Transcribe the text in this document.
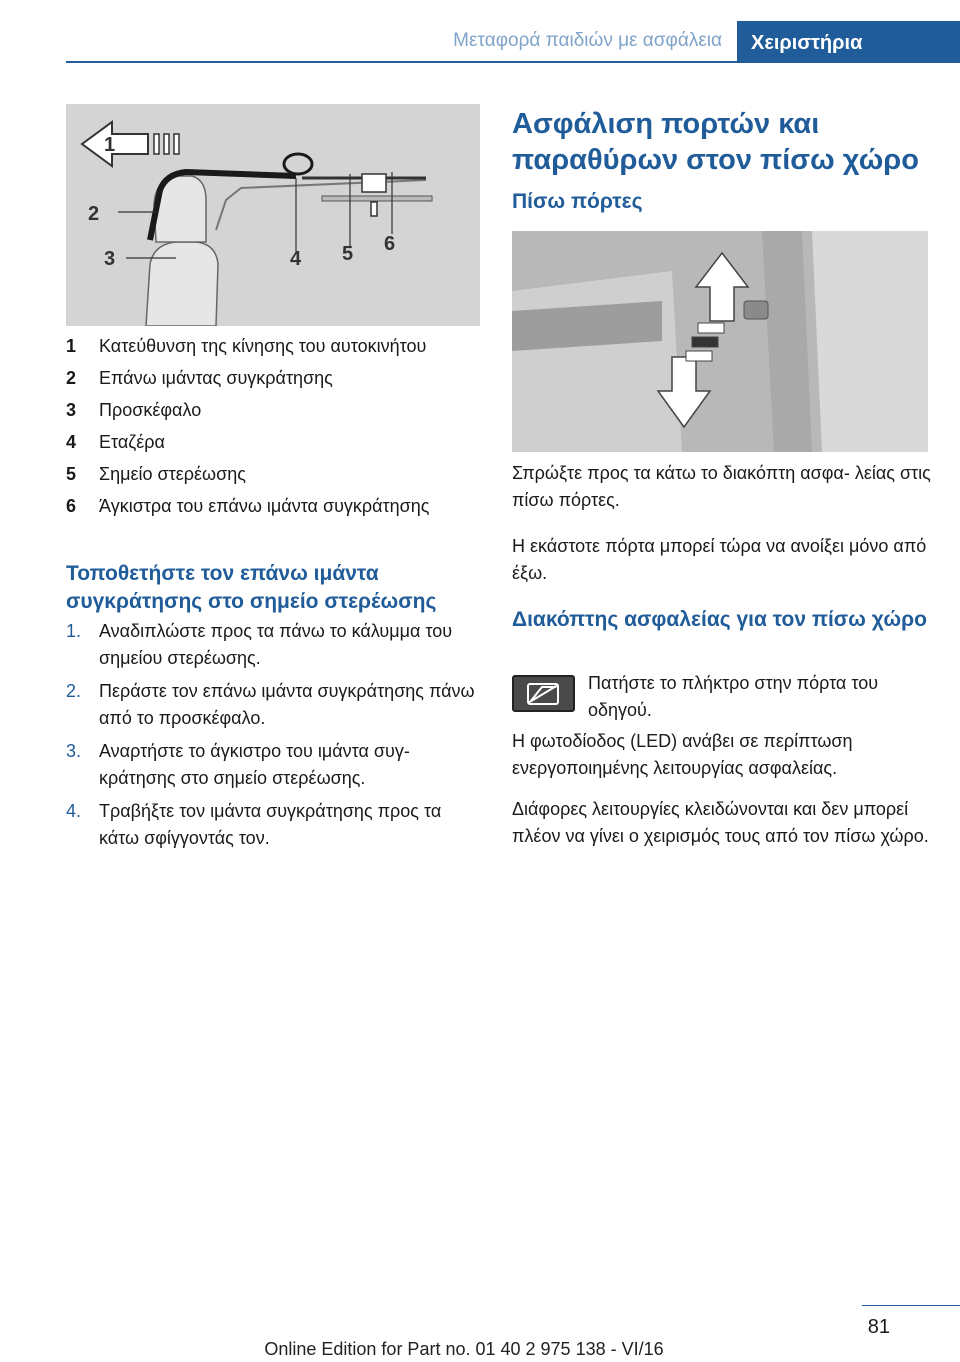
Μεταφορά παιδιών με ασφάλεια	Χειριστήρια
1
2
3	4 5 6
1	Κατεύθυνση της κίνησης του αυτοκινήτου
2	Επάνω ιμάντας συγκράτησης
3	Προσκέφαλο
4	Εταζέρα
5	Σημείο στερέωσης
6	Άγκιστρα του επάνω ιμάντα συγκράτησης
Τοποθετήστε τον επάνω ιμάντα συγκράτησης στο σημείο στερέωσης
1. Αναδιπλώστε προς τα πάνω το κάλυμμα του σημείου στερέωσης.
2. Περάστε τον επάνω ιμάντα συγκράτησης πάνω από το προσκέφαλο.
3. Αναρτήστε το άγκιστρο του ιμάντα συγ‐ κράτησης στο σημείο στερέωσης.
4. Τραβήξτε τον ιμάντα συγκράτησης προς τα κάτω σφίγγοντάς τον.
Ασφάλιση πορτών και παραθύρων στον πίσω χώρο
Πίσω πόρτες
Σπρώξτε προς τα κάτω το διακόπτη ασφα‐ λείας στις πίσω πόρτες.
Η εκάστοτε πόρτα μπορεί τώρα να ανοίξει μόνο από έξω.
Διακόπτης ασφαλείας για τον πίσω χώρο
Πατήστε το πλήκτρο στην πόρτα του οδηγού.
Η φωτοδίοδος (LED) ανάβει σε περίπτωση ενεργοποιημένης λειτουργίας ασφαλείας.
Διάφορες λειτουργίες κλειδώνονται και δεν μπορεί πλέον να γίνει ο χειρισμός τους από τον πίσω χώρο.
81
Online Edition for Part no. 01 40 2 975 138 - VI/16
